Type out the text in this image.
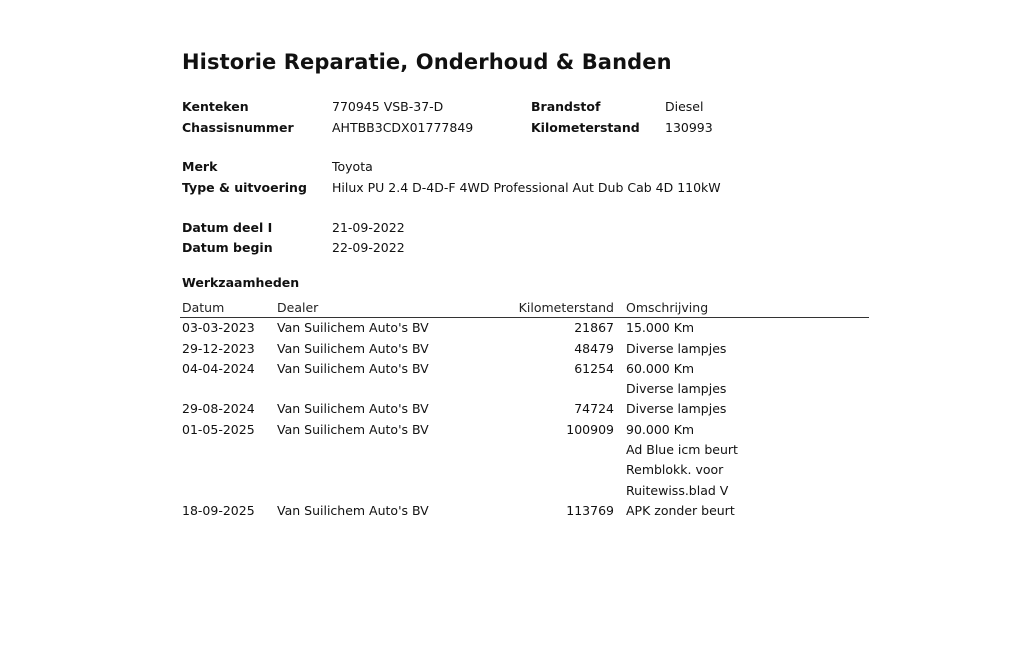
Historie Reparatie, Onderhoud & Banden
Kenteken	770945 VSB-37-D	Brandstof	Diesel
Chassisnummer	AHTBB3CDX01777849	Kilometerstand 130993
Merk	Toyota
Type & uitvoering Hilux PU 2.4 D-4D-F 4WD Professional Aut Dub Cab 4D 110kW
Datum deel I	21-09-2022
Datum begin	22-09-2022
Werkzaamheden
Datum	Dealer	Kilometerstand Omschrijving
03-03-2023 Van Suilichem Auto's BV	21867 15.000 Km
29-12-2023 Van Suilichem Auto's BV	48479 Diverse lampjes
04-04-2024 Van Suilichem Auto's BV	61254 60.000 Km
Diverse lampjes
29-08-2024 Van Suilichem Auto's BV	74724 Diverse lampjes
01-05-2025 Van Suilichem Auto's BV	100909 90.000 Km
Ad Blue icm beurt
Remblokk. voor
Ruitewiss.blad V
18-09-2025 Van Suilichem Auto's BV	113769 APK zonder beurt
